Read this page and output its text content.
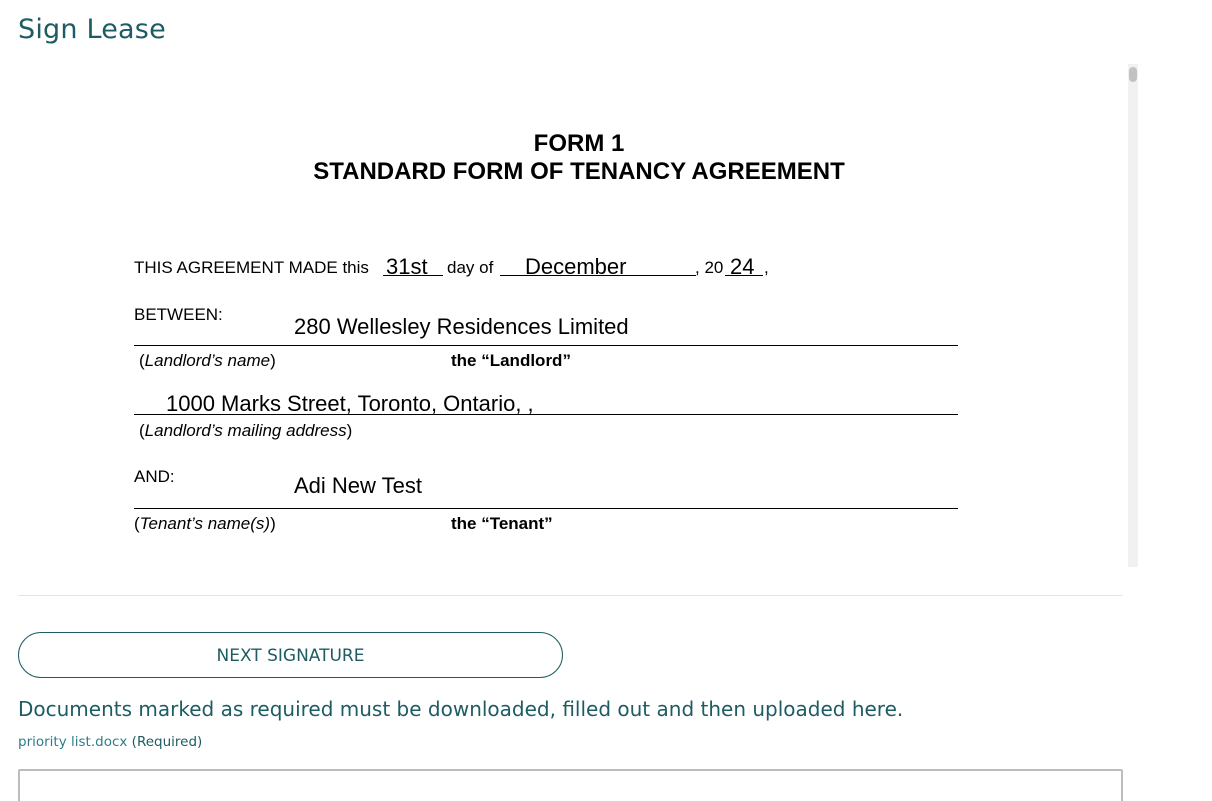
Sign Lease
FORM 1
STANDARD FORM OF TENANCY AGREEMENT
THIS AGREEMENT MADE this 31st day of December	, 20 24 ,
BETWEEN:	280 Wellesley Residences Limited
(Landlord’s name)	the “Landlord”
1000 Marks Street, Toronto, Ontario, ,
(Landlord’s mailing address)
AND:	Adi New Test
(Tenant’s name(s))	the “Tenant”
NEXT SIGNATURE

Documents marked as required must be downloaded, filled out and then uploaded here.

priority list.docx (Required)
